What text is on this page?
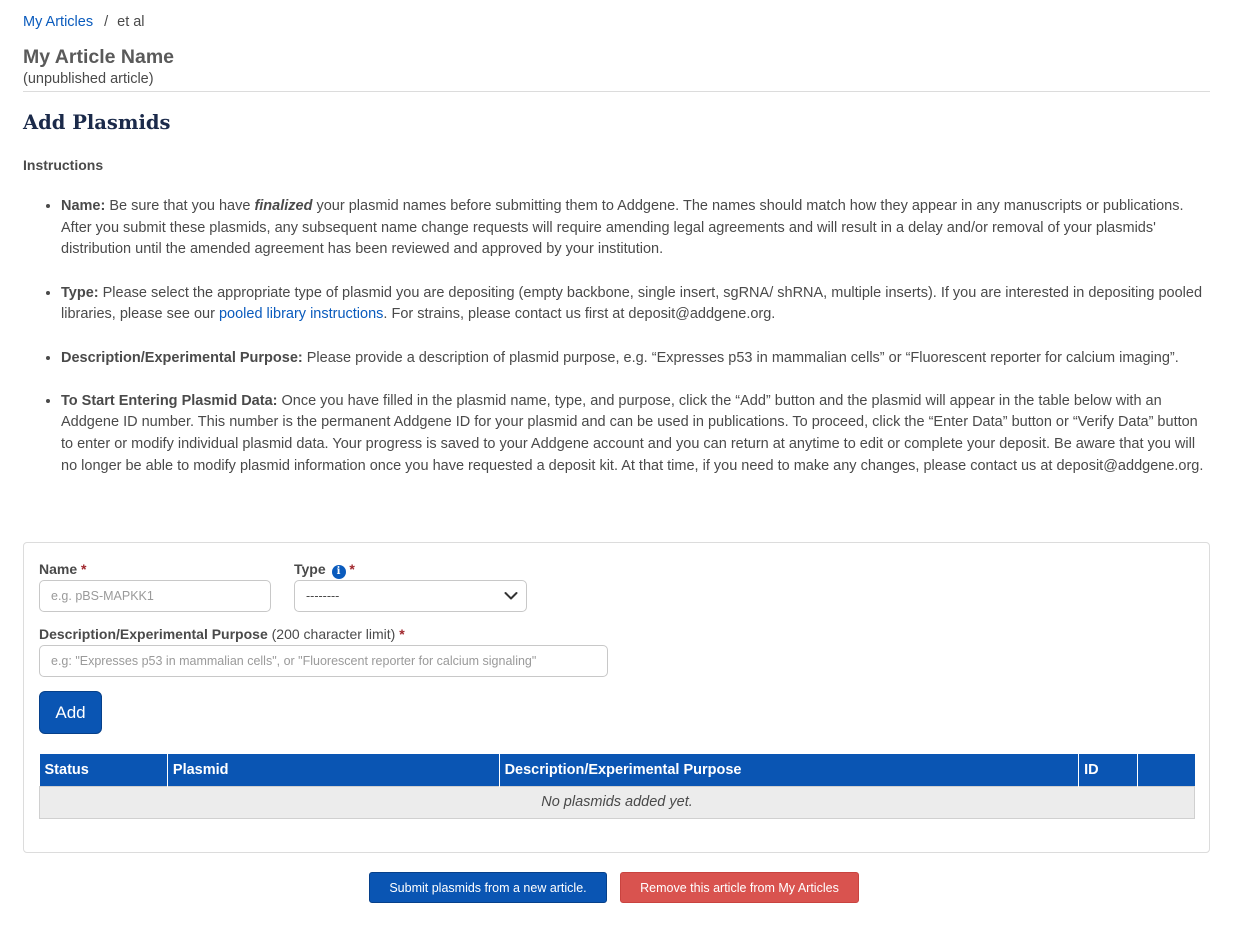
My Articles / et al
My Article Name
(unpublished article)
Add Plasmids
Instructions
• Name: Be sure that you have finalized your plasmid names before submitting them to Addgene. The names should match how they appear in any manuscripts or publications. After you submit these plasmids, any subsequent name change requests will require amending legal agreements and will result in a delay and/or removal of your plasmids' distribution until the amended agreement has been reviewed and approved by your institution.
• Type: Please select the appropriate type of plasmid you are depositing (empty backbone, single insert, sgRNA/ shRNA, multiple inserts). If you are interested in depositing pooled libraries, please see our pooled library instructions. For strains, please contact us first at deposit@addgene.org.
• Description/Experimental Purpose: Please provide a description of plasmid purpose, e.g. “Expresses p53 in mammalian cells” or “Fluorescent reporter for calcium imaging”.
• To Start Entering Plasmid Data: Once you have filled in the plasmid name, type, and purpose, click the “Add” button and the plasmid will appear in the table below with an Addgene ID number. This number is the permanent Addgene ID for your plasmid and can be used in publications. To proceed, click the “Enter Data” button or “Verify Data” button to enter or modify individual plasmid data. Your progress is saved to your Addgene account and you can return at anytime to edit or complete your deposit. Be aware that you will no longer be able to modify plasmid information once you have requested a deposit kit. At that time, if you need to make any changes, please contact us at deposit@addgene.org.
Name *
e.g. pBS-MAPKK1	Type i *
--------
Description/Experimental Purpose (200 character limit) *
e.g: "Expresses p53 in mammalian cells", or "Fluorescent reporter for calcium signaling"
Add
Status	Plasmid	Description/Experimental Purpose	ID	
No plasmids added yet.
Submit plasmids from a new article.	Remove this article from My Articles
